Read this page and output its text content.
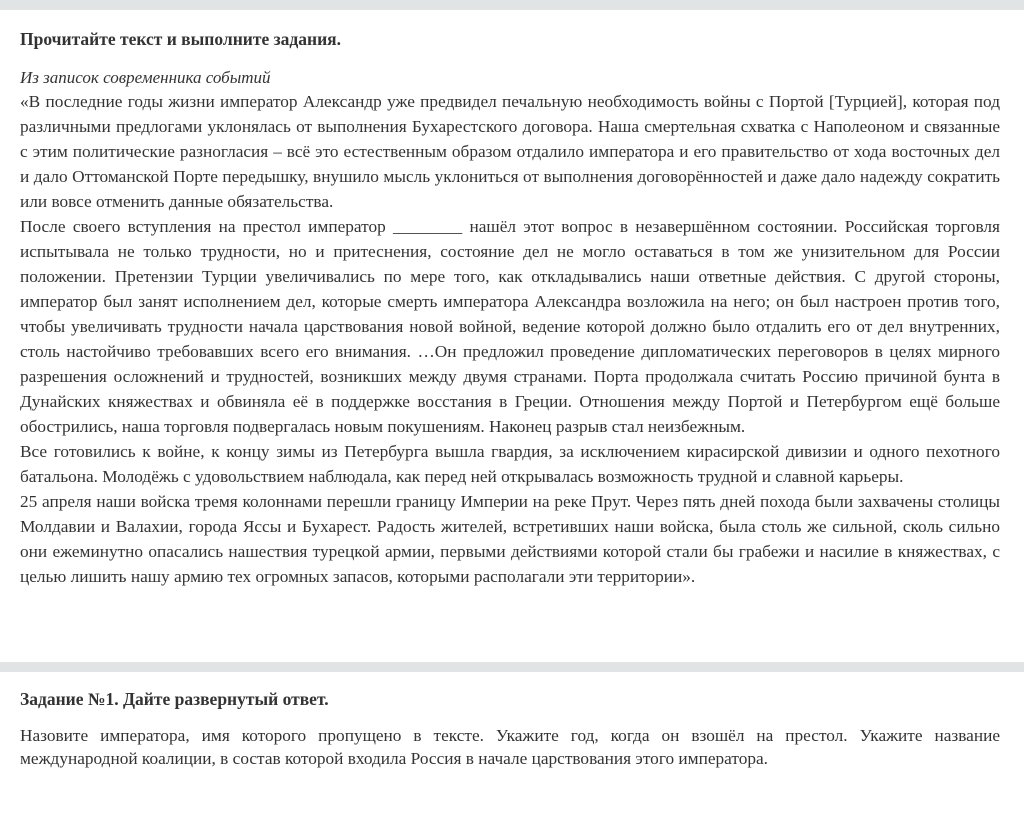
Прочитайте текст и выполните задания.
Из записок современника событий

«В последние годы жизни император Александр уже предвидел печальную необходимость войны с Портой [Турцией], которая под различными предлогами уклонялась от выполнения Бухарестского договора. Наша смертельная схватка с Наполеоном и связанные с этим политические разногласия – всё это естественным образом отдалило императора и его правительство от хода восточных дел и дало Оттоманской Порте передышку, внушило мысль уклониться от выполнения договорённостей и даже дало надежду сократить или вовсе отменить данные обязательства.

После своего вступления на престол император ________ нашёл этот вопрос в незавершённом состоянии. Российская торговля испытывала не только трудности, но и притеснения, состояние дел не могло оставаться в том же унизительном для России положении. Претензии Турции увеличивались по мере того, как откладывались наши ответные действия. С другой стороны, император был занят исполнением дел, которые смерть императора Александра возложила на него; он был настроен против того, чтобы увеличивать трудности начала царствования новой войной, ведение которой должно было отдалить его от дел внутренних, столь настойчиво требовавших всего его внимания. …Он предложил проведение дипломатических переговоров в целях мирного разрешения осложнений и трудностей, возникших между двумя странами. Порта продолжала считать Россию причиной бунта в Дунайских княжествах и обвиняла её в поддержке восстания в Греции. Отношения между Портой и Петербургом ещё больше обострились, наша торговля подвергалась новым покушениям. Наконец разрыв стал неизбежным.

Все готовились к войне, к концу зимы из Петербурга вышла гвардия, за исключением кирасирской дивизии и одного пехотного батальона. Молодёжь с удовольствием наблюдала, как перед ней открывалась возможность трудной и славной карьеры.

25 апреля наши войска тремя колоннами перешли границу Империи на реке Прут. Через пять дней похода были захвачены столицы Молдавии и Валахии, города Яссы и Бухарест. Радость жителей, встретивших наши войска, была столь же сильной, сколь сильно они ежеминутно опасались нашествия турецкой армии, первыми действиями которой стали бы грабежи и насилие в княжествах, с целью лишить нашу армию тех огромных запасов, которыми располагали эти территории».

Задание №1. Дайте развернутый ответ.

Назовите императора, имя которого пропущено в тексте. Укажите год, когда он взошёл на престол. Укажите название международной коалиции, в состав которой входила Россия в начале царствования этого императора.
